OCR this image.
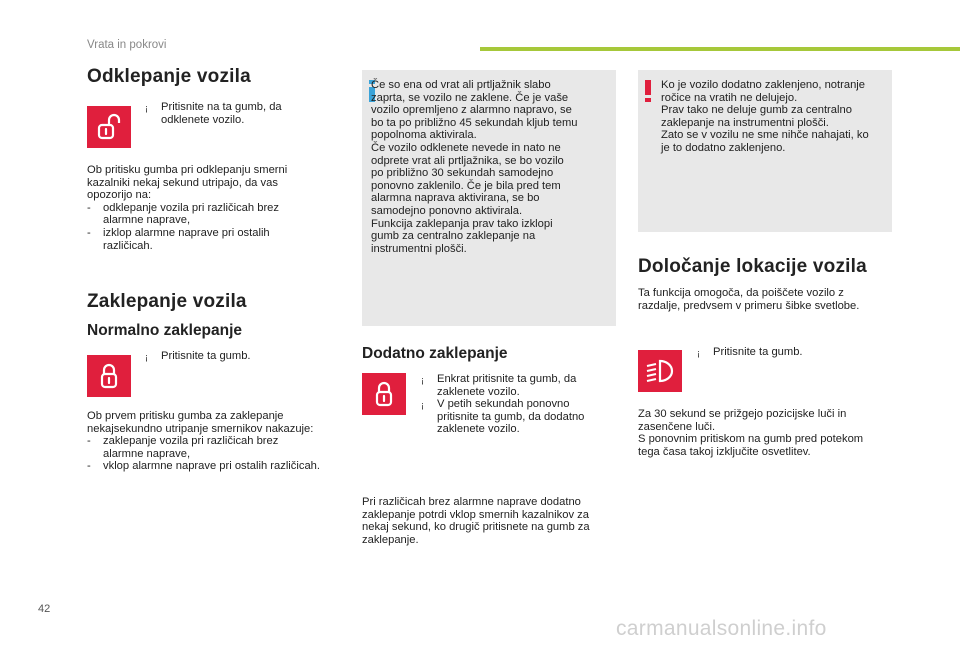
Vrata in pokrovi
Odklepanje vozila
¡	Pritisnite na ta gumb, da odklenete vozilo.

Ob pritisku gumba pri odklepanju smerni

kazalniki nekaj sekund utripajo, da vas

opozorijo na:

-	odklepanje vozila pri različicah brez
alarmne naprave,
-	izklop alarmne naprave pri ostalih
različicah.
Zaklepanje vozila
Normalno zaklepanje
¡	Pritisnite ta gumb.

Ob prvem pritisku gumba za zaklepanje

nekajsekundno utripanje smernikov nakazuje:

-	zaklepanje vozila pri različicah brez
alarmne naprave,
-	vklop alarmne naprave pri ostalih različicah.

Če so ena od vrat ali prtljažnik slabo

zaprta, se vozilo ne zaklene. Če je vaše

vozilo opremljeno z alarmno napravo, se

bo ta po približno 45 sekundah kljub temu

popolnoma aktivirala.

Če vozilo odklenete nevede in nato ne

odprete vrat ali prtljažnika, se bo vozilo

po približno 30 sekundah samodejno

ponovno zaklenilo. Če je bila pred tem

alarmna naprava aktivirana, se bo

samodejno ponovno aktivirala.

Funkcija zaklepanja prav tako izklopi

gumb za centralno zaklepanje na

instrumentni plošči.

Dodatno zaklepanje
¡	Enkrat pritisnite ta gumb, da
zaklenete vozilo.
¡	V petih sekundah ponovno
pritisnite ta gumb, da dodatno
zaklenete vozilo.

Pri različicah brez alarmne naprave dodatno

zaklepanje potrdi vklop smernih kazalnikov za

nekaj sekund, ko drugič pritisnete na gumb za

zaklepanje.

Ko je vozilo dodatno zaklenjeno, notranje

ročice na vratih ne delujejo.

Prav tako ne deluje gumb za centralno

zaklepanje na instrumentni plošči.

Zato se v vozilu ne sme nihče nahajati, ko

je to dodatno zaklenjeno.

Določanje lokacije vozila

Ta funkcija omogoča, da poiščete vozilo z

razdalje, predvsem v primeru šibke svetlobe.

¡	Pritisnite ta gumb.

Za 30 sekund se prižgejo pozicijske luči in

zasenčene luči.

S ponovnim pritiskom na gumb pred potekom

tega časa takoj izključite osvetlitev.

42
carmanualsonline.info
